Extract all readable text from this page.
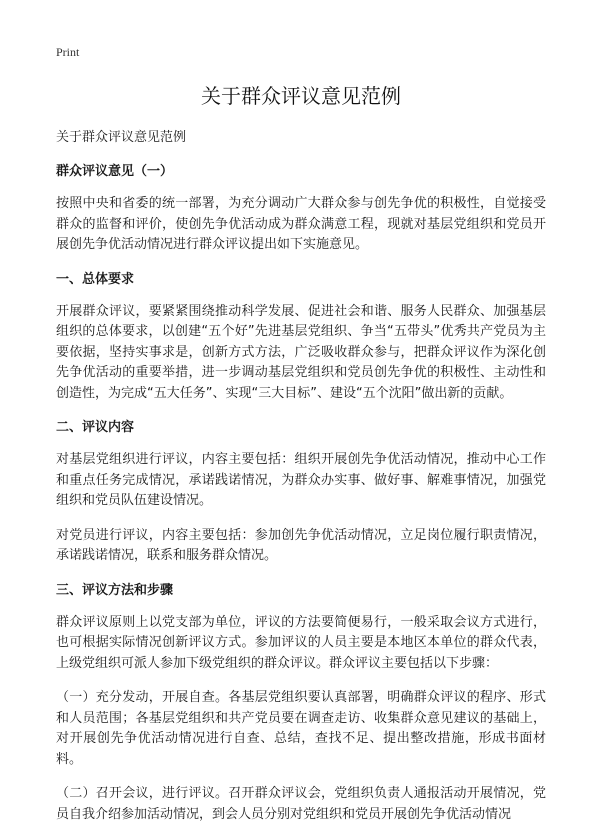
Print
关于群众评议意见范例
关于群众评议意见范例
群众评议意见（一）

按照中央和省委的统一部署，为充分调动广大群众参与创先争优的积极性，自觉接受群众的监督和评价，使创先争优活动成为群众满意工程，现就对基层党组织和党员开展创先争优活动情况进行群众评议提出如下实施意见。

一、总体要求

开展群众评议，要紧紧围绕推动科学发展、促进社会和谐、服务人民群众、加强基层组织的总体要求，以创建“五个好”先进基层党组织、争当“五带头”优秀共产党员为主要依据，坚持实事求是，创新方式方法，广泛吸收群众参与，把群众评议作为深化创先争优活动的重要举措，进一步调动基层党组织和党员创先争优的积极性、主动性和创造性，为完成“五大任务”、实现“三大目标”、建设“五个沈阳”做出新的贡献。

二、评议内容

对基层党组织进行评议，内容主要包括：组织开展创先争优活动情况，推动中心工作和重点任务完成情况，承诺践诺情况，为群众办实事、做好事、解难事情况，加强党组织和党员队伍建设情况。

对党员进行评议，内容主要包括：参加创先争优活动情况，立足岗位履行职责情况，承诺践诺情况，联系和服务群众情况。

三、评议方法和步骤

群众评议原则上以党支部为单位，评议的方法要简便易行，一般采取会议方式进行，也可根据实际情况创新评议方式。参加评议的人员主要是本地区本单位的群众代表，上级党组织可派人参加下级党组织的群众评议。群众评议主要包括以下步骤：

（一）充分发动，开展自查。各基层党组织要认真部署，明确群众评议的程序、形式和人员范围；各基层党组织和共产党员要在调查走访、收集群众意见建议的基础上，对开展创先争优活动情况进行自查、总结，查找不足、提出整改措施，形成书面材料。

（二）召开会议，进行评议。召开群众评议会，党组织负责人通报活动开展情况，党员自我介绍参加活动情况，到会人员分别对党组织和党员开展创先争优活动情况
